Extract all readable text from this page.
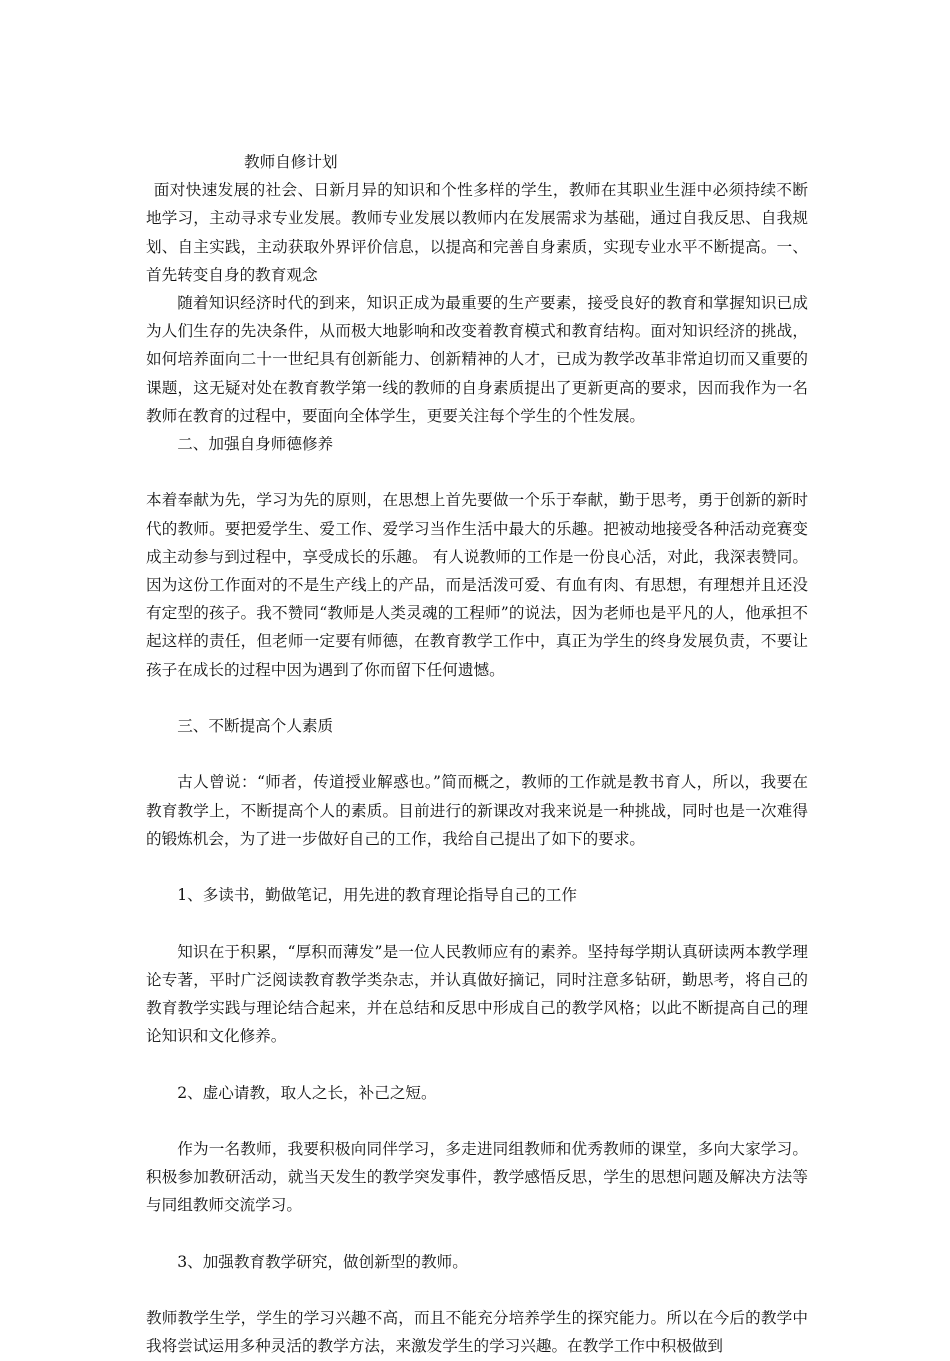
教师自修计划

面对快速发展的社会、日新月异的知识和个性多样的学生，教师在其职业生涯中必须持续不断地学习，主动寻求专业发展。教师专业发展以教师内在发展需求为基础，通过自我反思、自我规划、自主实践，主动获取外界评价信息，以提高和完善自身素质，实现专业水平不断提高。一、首先转变自身的教育观念

随着知识经济时代的到来，知识正成为最重要的生产要素，接受良好的教育和掌握知识已成为人们生存的先决条件，从而极大地影响和改变着教育模式和教育结构。面对知识经济的挑战，如何培养面向二十一世纪具有创新能力、创新精神的人才，已成为教学改革非常迫切而又重要的课题，这无疑对处在教育教学第一线的教师的自身素质提出了更新更高的要求，因而我作为一名教师在教育的过程中，要面向全体学生，更要关注每个学生的个性发展。

二、加强自身师德修养

本着奉献为先，学习为先的原则，在思想上首先要做一个乐于奉献，勤于思考，勇于创新的新时代的教师。要把爱学生、爱工作、爱学习当作生活中最大的乐趣。把被动地接受各种活动竞赛变成主动参与到过程中，享受成长的乐趣。 有人说教师的工作是一份良心活，对此，我深表赞同。因为这份工作面对的不是生产线上的产品，而是活泼可爱、有血有肉、有思想，有理想并且还没有定型的孩子。我不赞同“教师是人类灵魂的工程师”的说法，因为老师也是平凡的人，他承担不起这样的责任，但老师一定要有师德，在教育教学工作中，真正为学生的终身发展负责，不要让孩子在成长的过程中因为遇到了你而留下任何遗憾。

三、不断提高个人素质

古人曾说：“师者，传道授业解惑也。”简而概之，教师的工作就是教书育人，所以，我要在教育教学上，不断提高个人的素质。目前进行的新课改对我来说是一种挑战，同时也是一次难得的锻炼机会，为了进一步做好自己的工作，我给自己提出了如下的要求。

1、多读书，勤做笔记，用先进的教育理论指导自己的工作

知识在于积累，“厚积而薄发”是一位人民教师应有的素养。坚持每学期认真研读两本教学理论专著，平时广泛阅读教育教学类杂志，并认真做好摘记，同时注意多钻研，勤思考，将自己的教育教学实践与理论结合起来，并在总结和反思中形成自己的教学风格；以此不断提高自己的理论知识和文化修养。

2、虚心请教，取人之长，补己之短。

作为一名教师，我要积极向同伴学习，多走进同组教师和优秀教师的课堂，多向大家学习。积极参加教研活动，就当天发生的教学突发事件，教学感悟反思，学生的思想问题及解决方法等与同组教师交流学习。

3、加强教育教学研究，做创新型的教师。

教师教学生学，学生的学习兴趣不高，而且不能充分培养学生的探究能力。所以在今后的教学中我将尝试运用多种灵活的教学方法，来激发学生的学习兴趣。在教学工作中积极做到
